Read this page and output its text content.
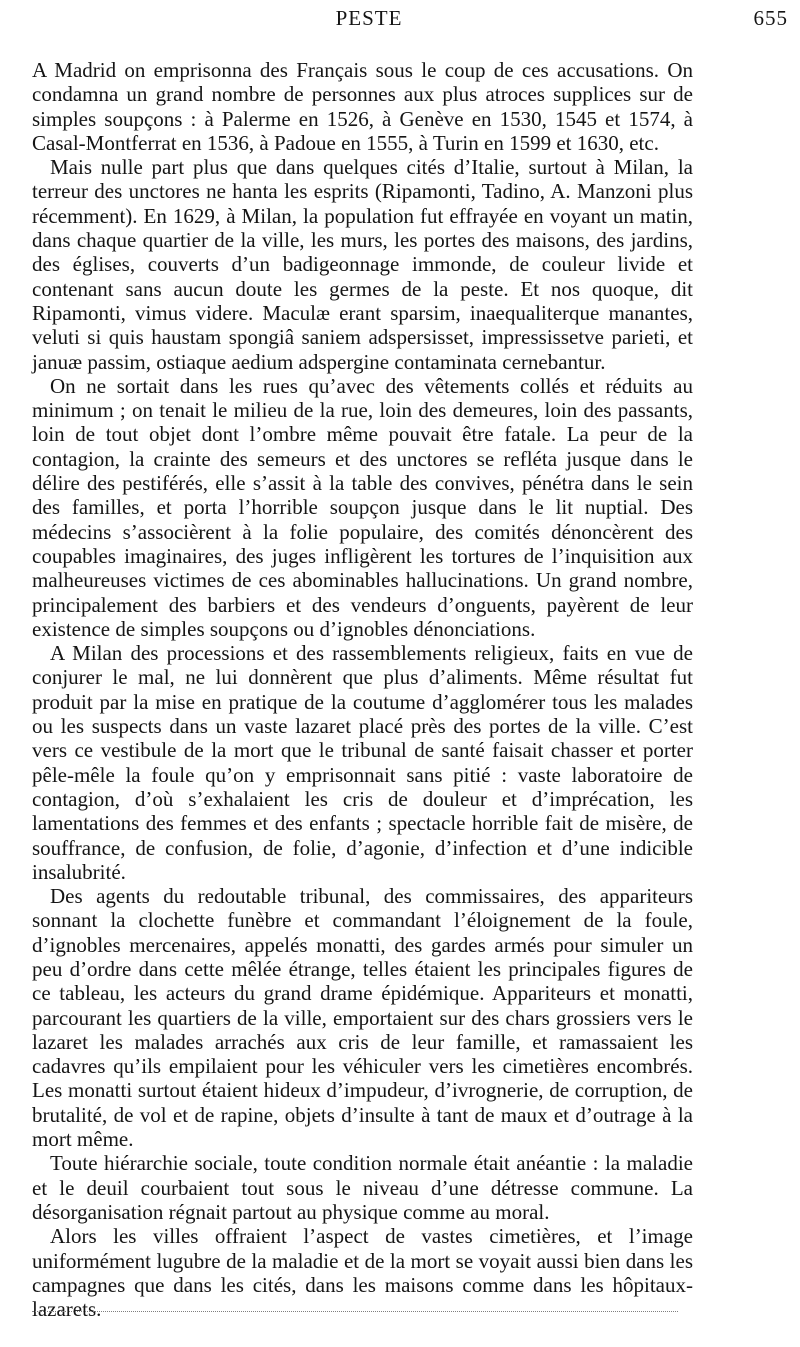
PESTE	655

A Madrid on emprisonna des Français sous le coup de ces accusations. On condamna un grand nombre de personnes aux plus atroces supplices sur de simples soupçons : à Palerme en 1526, à Genève en 1530, 1545 et 1574, à Casal-Montferrat en 1536, à Padoue en 1555, à Turin en 1599 et 1630, etc.

Mais nulle part plus que dans quelques cités d’Italie, surtout à Milan, la terreur des unctores ne hanta les esprits (Ripamonti, Tadino, A. Manzoni plus récemment). En 1629, à Milan, la population fut effrayée en voyant un matin, dans chaque quartier de la ville, les murs, les portes des maisons, des jardins, des églises, couverts d’un badigeonnage immonde, de couleur livide et contenant sans aucun doute les germes de la peste. Et nos quoque, dit Ripamonti, vimus videre. Maculæ erant sparsim, inaequaliterque manantes, veluti si quis haustam spongiâ saniem adspersisset, impressissetve parieti, et januæ passim, ostiaque aedium adspergine contaminata cernebantur.

On ne sortait dans les rues qu’avec des vêtements collés et réduits au minimum ; on tenait le milieu de la rue, loin des demeures, loin des passants, loin de tout objet dont l’ombre même pouvait être fatale. La peur de la contagion, la crainte des semeurs et des unctores se refléta jusque dans le délire des pestiférés, elle s’assit à la table des convives, pénétra dans le sein des familles, et porta l’horrible soupçon jusque dans le lit nuptial. Des médecins s’associèrent à la folie populaire, des comités dénoncèrent des coupables imaginaires, des juges infligèrent les tortures de l’inquisition aux malheureuses victimes de ces abominables hallucinations. Un grand nombre, principalement des barbiers et des vendeurs d’onguents, payèrent de leur existence de simples soupçons ou d’ignobles dénonciations.

A Milan des processions et des rassemblements religieux, faits en vue de conjurer le mal, ne lui donnèrent que plus d’aliments. Même résultat fut produit par la mise en pratique de la coutume d’agglomérer tous les malades ou les suspects dans un vaste lazaret placé près des portes de la ville. C’est vers ce vestibule de la mort que le tribunal de santé faisait chasser et porter pêle-mêle la foule qu’on y emprisonnait sans pitié : vaste laboratoire de contagion, d’où s’exhalaient les cris de douleur et d’imprécation, les lamentations des femmes et des enfants ; spectacle horrible fait de misère, de souffrance, de confusion, de folie, d’agonie, d’infection et d’une indicible insalubrité.

Des agents du redoutable tribunal, des commissaires, des appariteurs sonnant la clochette funèbre et commandant l’éloignement de la foule, d’ignobles mercenaires, appelés monatti, des gardes armés pour simuler un peu d’ordre dans cette mêlée étrange, telles étaient les principales figures de ce tableau, les acteurs du grand drame épidémique. Appariteurs et monatti, parcourant les quartiers de la ville, emportaient sur des chars grossiers vers le lazaret les malades arrachés aux cris de leur famille, et ramassaient les cadavres qu’ils empilaient pour les véhiculer vers les cimetières encombrés. Les monatti surtout étaient hideux d’impudeur, d’ivrognerie, de corruption, de brutalité, de vol et de rapine, objets d’insulte à tant de maux et d’outrage à la mort même.

Toute hiérarchie sociale, toute condition normale était anéantie : la maladie et le deuil courbaient tout sous le niveau d’une détresse commune. La désorganisation régnait partout au physique comme au moral.

Alors les villes offraient l’aspect de vastes cimetières, et l’image uniformément lugubre de la maladie et de la mort se voyait aussi bien dans les campagnes que dans les cités, dans les maisons comme dans les hôpitaux-lazarets.
